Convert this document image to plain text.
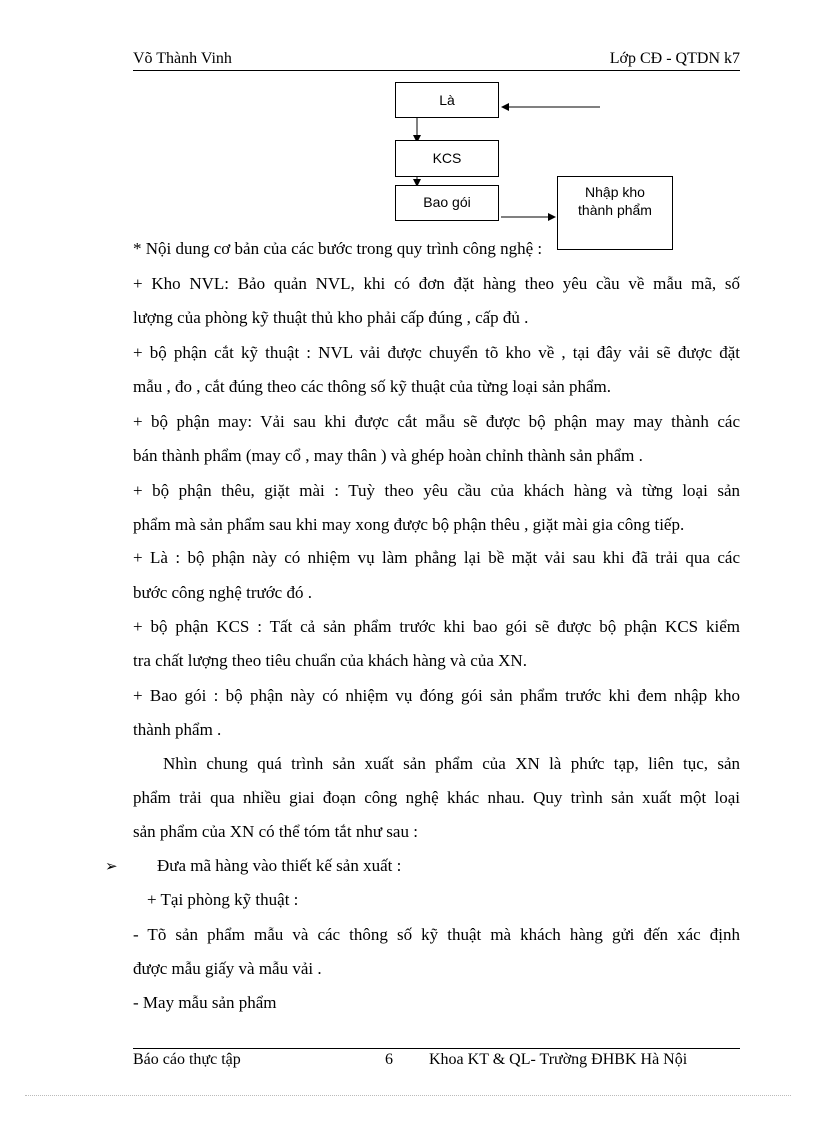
Võ Thành Vinh	Lớp CĐ - QTDN k7
Là
KCS
Bao gói
Nhập kho
thành phẩm
* Nội dung cơ bản của các bước trong quy trình công nghệ :
+ Kho NVL: Bảo quản NVL, khi có đơn đặt hàng theo yêu cầu về mẫu mã, số
lượng của phòng kỹ thuật thủ kho phải cấp đúng , cấp đủ .
+ bộ phận cắt kỹ thuật : NVL vải được chuyển tõ kho về , tại đây vải sẽ được đặt
mẫu , đo , cắt đúng theo các thông số kỹ thuật của từng loại sản phẩm.
+ bộ phận may: Vải sau khi được cắt mẫu sẽ được bộ phận may may thành các
bán thành phẩm (may cổ , may thân ) và ghép hoàn chỉnh thành sản phẩm .
+ bộ phận thêu, giặt mài : Tuỳ theo yêu cầu của khách hàng và từng loại sản
phẩm mà sản phẩm sau khi may xong được bộ phận thêu , giặt mài gia công tiếp.
+ Là : bộ phận này có nhiệm vụ làm phẳng lại bề mặt vải sau khi đã trải qua các
bước công nghệ trước đó .
+ bộ phận KCS : Tất cả sản phẩm trước khi bao gói sẽ được bộ phận KCS kiểm
tra chất lượng theo tiêu chuẩn của khách hàng và của XN.
+ Bao gói : bộ phận này có nhiệm vụ đóng gói sản phẩm trước khi đem nhập kho
thành phẩm .
Nhìn chung quá trình sản xuất sản phẩm của XN là phức tạp, liên tục, sản
phẩm trải qua nhiều giai đoạn công nghệ khác nhau. Quy trình sản xuất một loại
sản phẩm của XN có thể tóm tắt như sau :
➢	Đưa mã hàng vào thiết kế sản xuất :
+ Tại phòng kỹ thuật :
- Tõ sản phẩm mẫu và các thông số kỹ thuật mà khách hàng gửi đến xác định
được mẫu giấy và mẫu vải .
- May mẫu sản phẩm
Báo cáo thực tập	6 Khoa KT & QL- Trường ĐHBK Hà Nội
